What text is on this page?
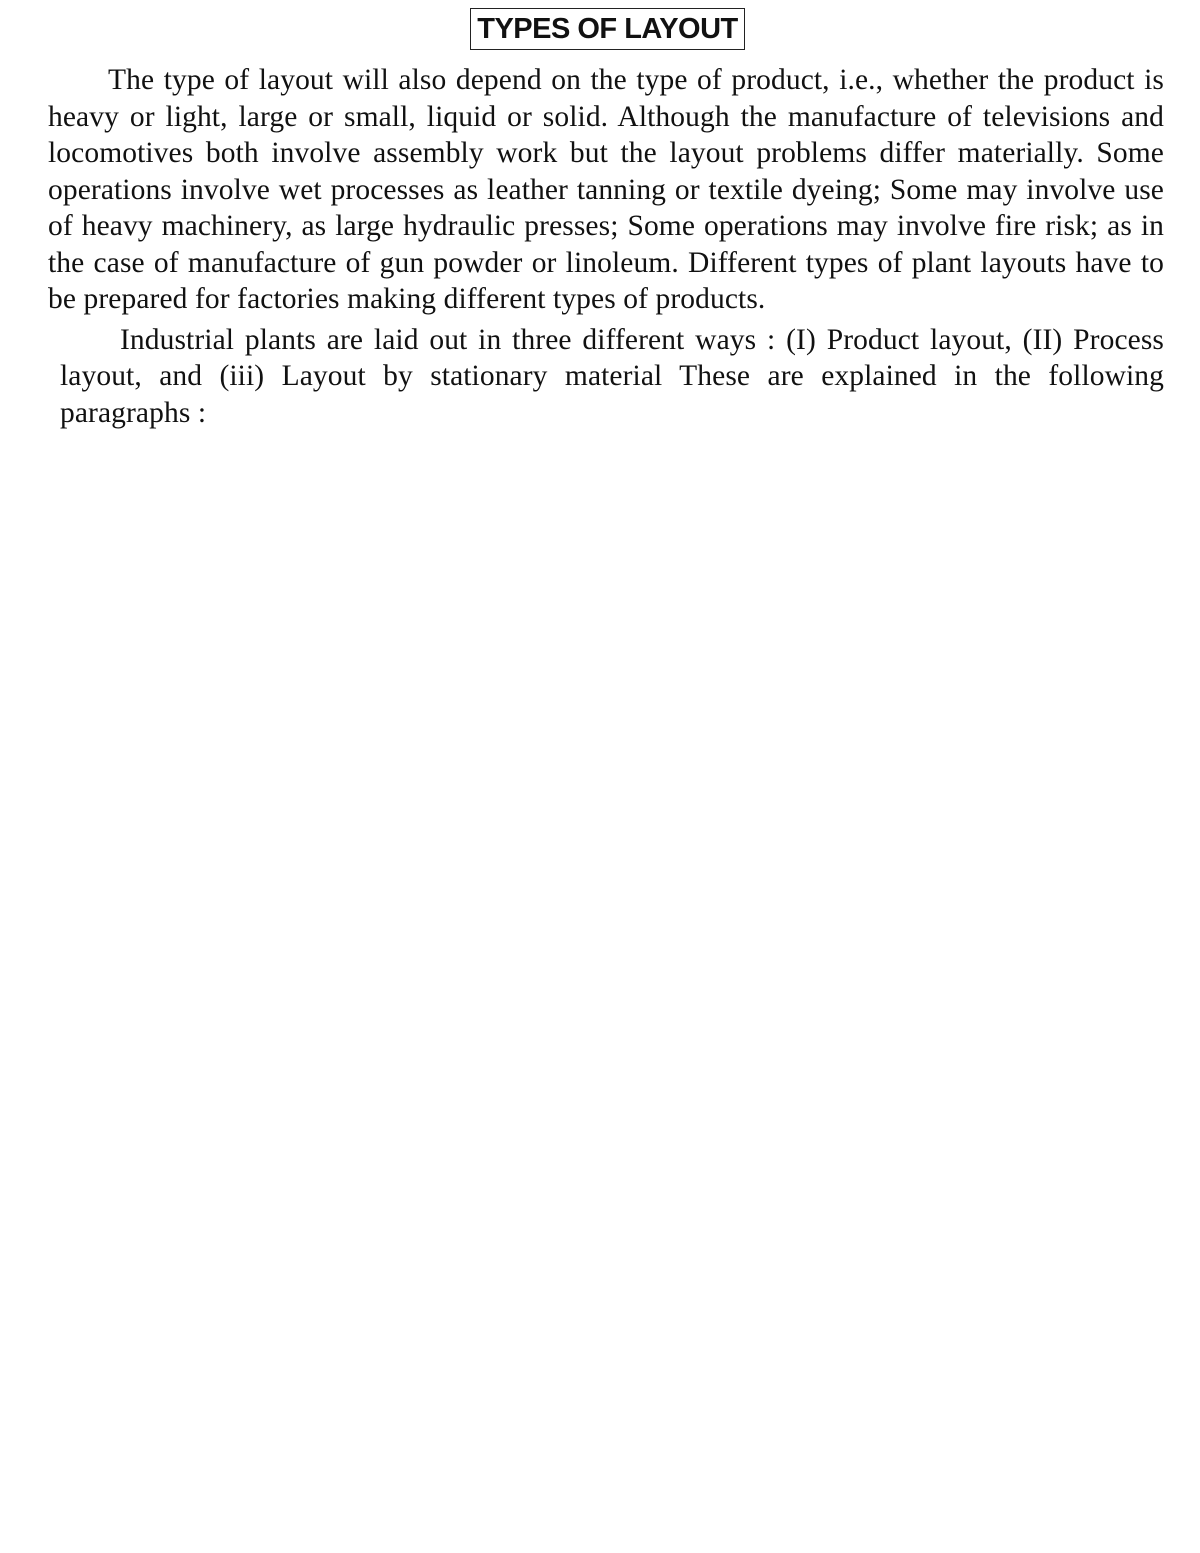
TYPES OF LAYOUT

The type of layout will also depend on the type of product, i.e., whether the product is heavy or light, large or small, liquid or solid. Although the manufacture of televisions and locomotives both involve assembly work but the layout problems differ materially. Some operations involve wet processes as leather tanning or textile dyeing; Some may involve use of heavy machinery, as large hydraulic presses; Some operations may involve fire risk; as in the case of manufacture of gun powder or linoleum. Different types of plant layouts have to be prepared for factories making different types of products.

Industrial plants are laid out in three different ways : (I) Product layout, (II) Process layout, and (iii) Layout by stationary material These are explained in the following paragraphs :
